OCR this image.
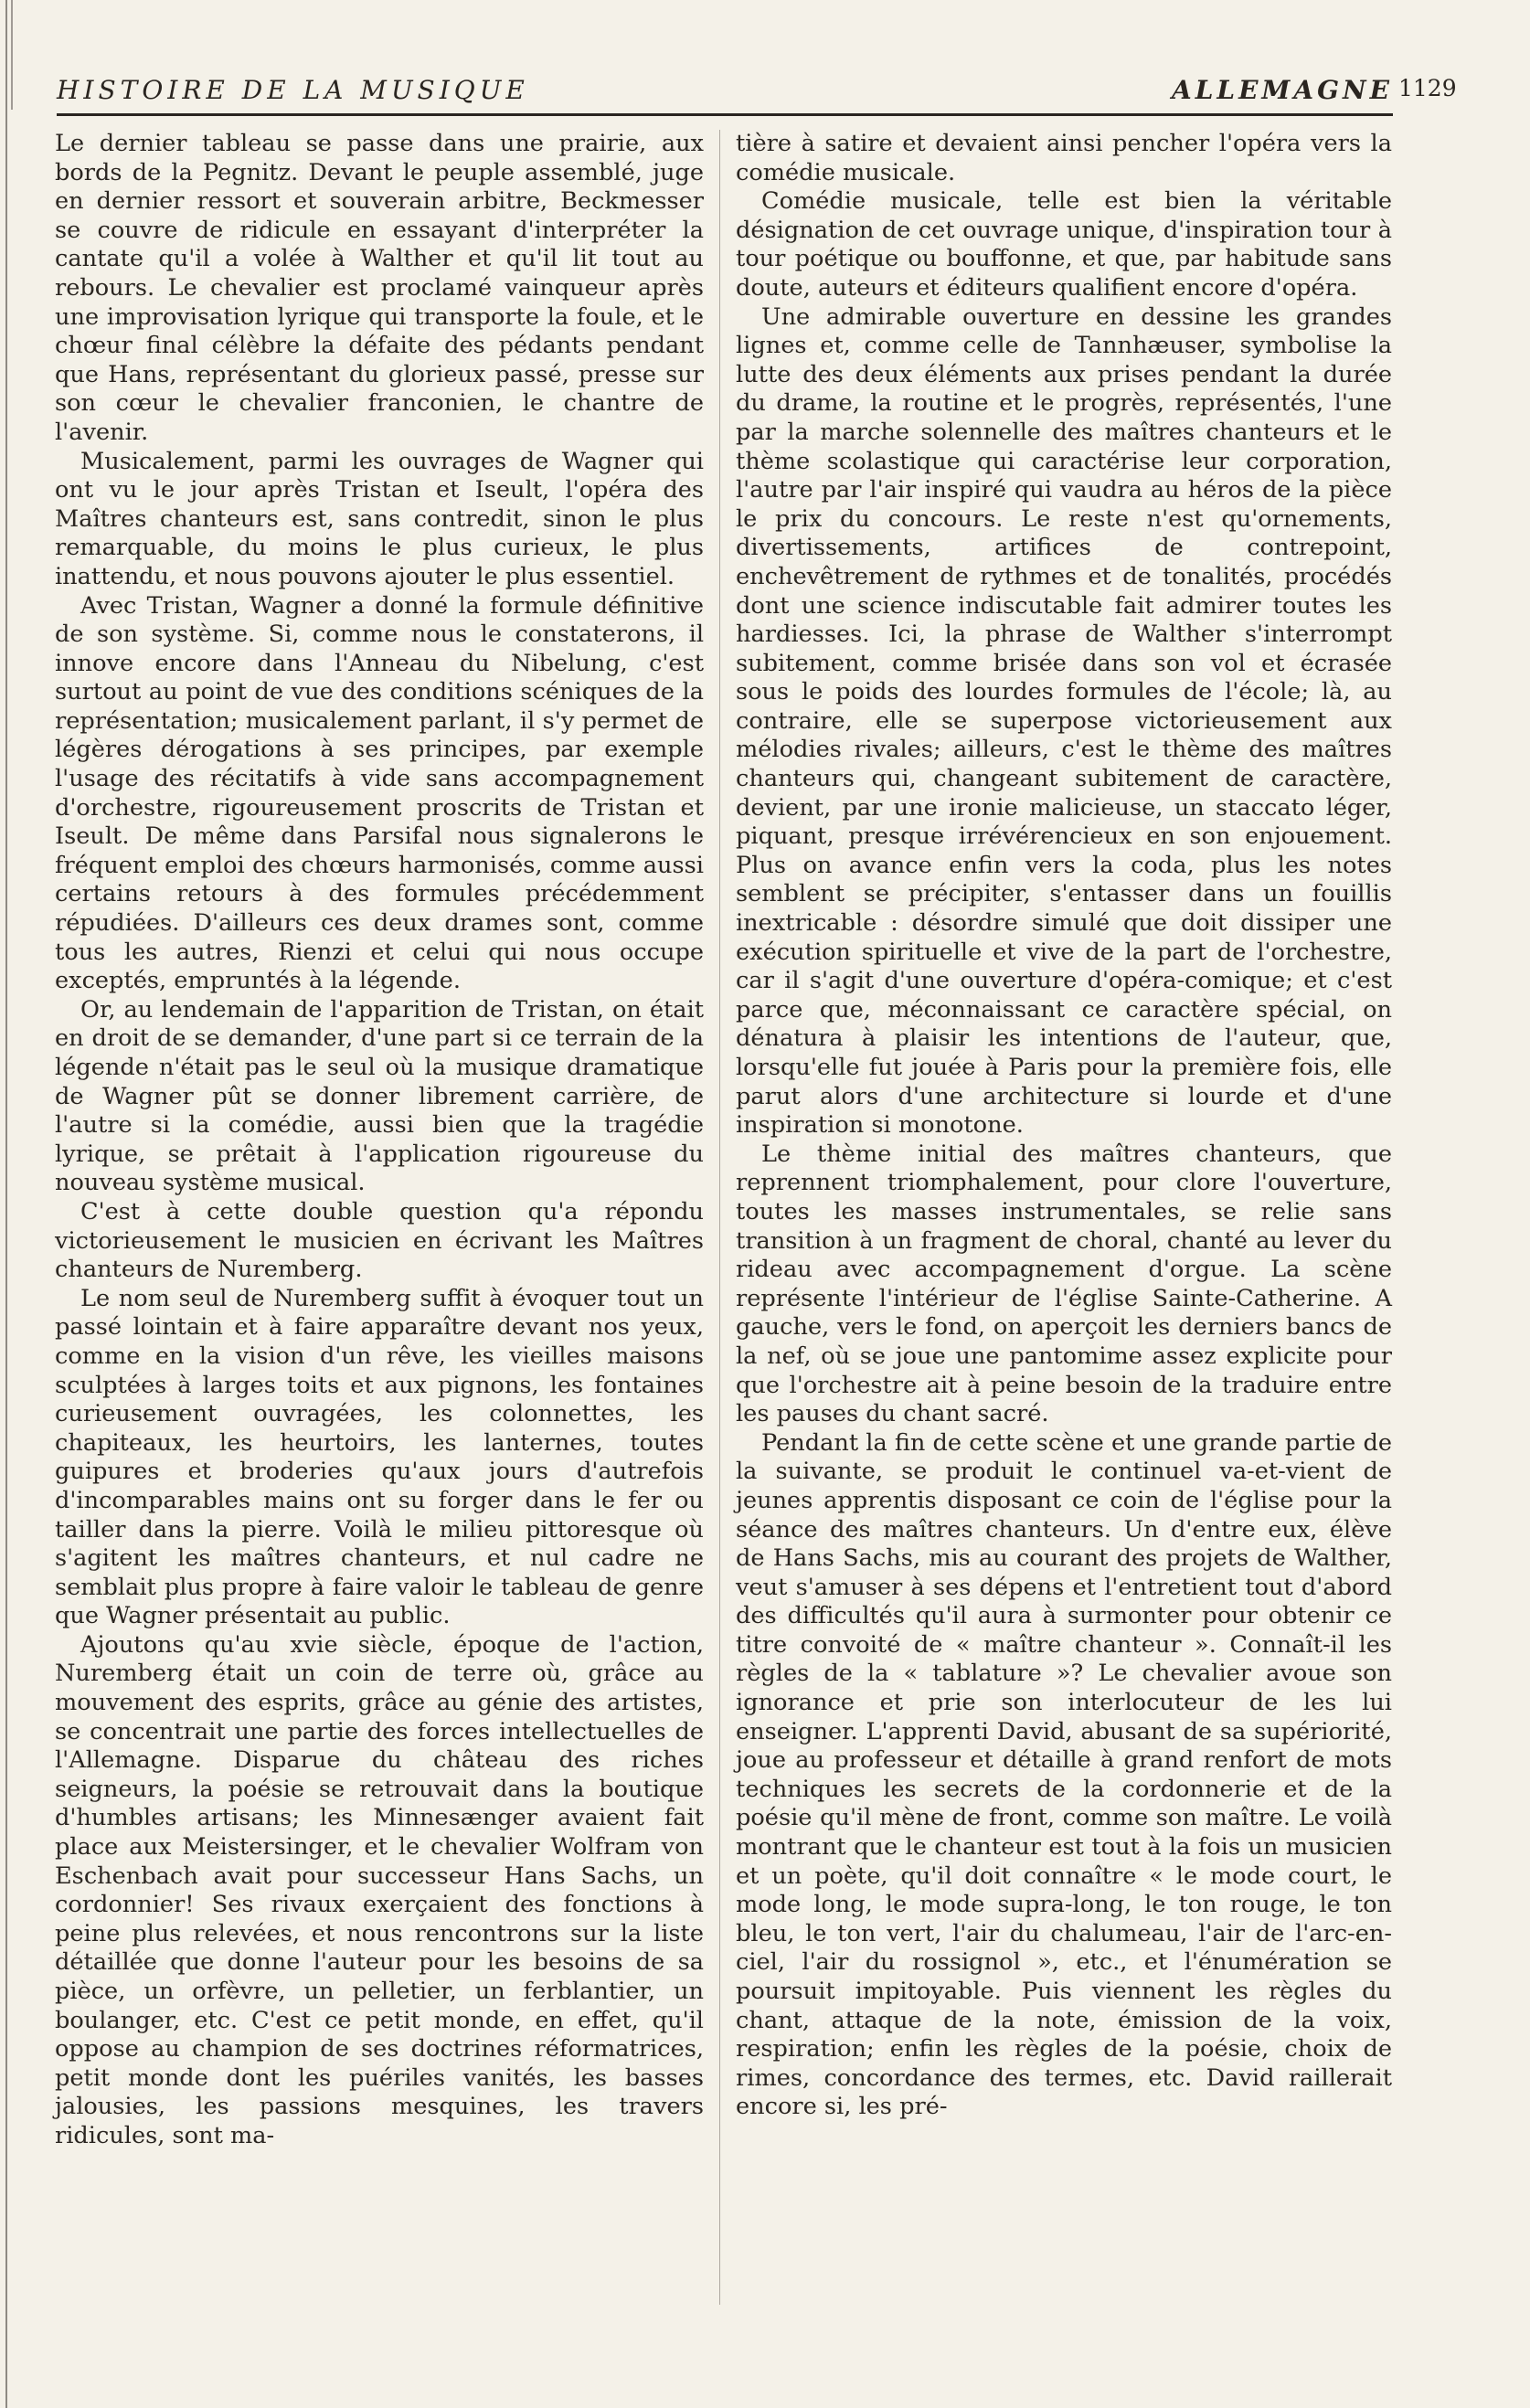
HISTOIRE DE LA MUSIQUE	ALLEMAGNE 1129

Le dernier tableau se passe dans une prairie, aux bords de la Pegnitz. Devant le peuple assemblé, juge en dernier ressort et souverain arbitre, Beckmesser se couvre de ridicule en essayant d'interpréter la cantate qu'il a volée à Walther et qu'il lit tout au rebours. Le chevalier est proclamé vainqueur après une improvisation lyrique qui transporte la foule, et le chœur final célèbre la défaite des pédants pendant que Hans, représentant du glorieux passé, presse sur son cœur le chevalier franconien, le chantre de l'avenir.

Musicalement, parmi les ouvrages de Wagner qui ont vu le jour après Tristan et Iseult, l'opéra des Maîtres chanteurs est, sans contredit, sinon le plus remarquable, du moins le plus curieux, le plus inattendu, et nous pouvons ajouter le plus essentiel.

Avec Tristan, Wagner a donné la formule définitive de son système. Si, comme nous le constaterons, il innove encore dans l'Anneau du Nibelung, c'est surtout au point de vue des conditions scéniques de la représentation; musicalement parlant, il s'y permet de légères dérogations à ses principes, par exemple l'usage des récitatifs à vide sans accompagnement d'orchestre, rigoureusement proscrits de Tristan et Iseult. De même dans Parsifal nous signalerons le fréquent emploi des chœurs harmonisés, comme aussi certains retours à des formules précédemment répudiées. D'ailleurs ces deux drames sont, comme tous les autres, Rienzi et celui qui nous occupe exceptés, empruntés à la légende.

Or, au lendemain de l'apparition de Tristan, on était en droit de se demander, d'une part si ce terrain de la légende n'était pas le seul où la musique dramatique de Wagner pût se donner librement carrière, de l'autre si la comédie, aussi bien que la tragédie lyrique, se prêtait à l'application rigoureuse du nouveau système musical.

C'est à cette double question qu'a répondu victorieusement le musicien en écrivant les Maîtres chanteurs de Nuremberg.

Le nom seul de Nuremberg suffit à évoquer tout un passé lointain et à faire apparaître devant nos yeux, comme en la vision d'un rêve, les vieilles maisons sculptées à larges toits et aux pignons, les fontaines curieusement ouvragées, les colonnettes, les chapiteaux, les heurtoirs, les lanternes, toutes guipures et broderies qu'aux jours d'autrefois d'incomparables mains ont su forger dans le fer ou tailler dans la pierre. Voilà le milieu pittoresque où s'agitent les maîtres chanteurs, et nul cadre ne semblait plus propre à faire valoir le tableau de genre que Wagner présentait au public.

Ajoutons qu'au xvie siècle, époque de l'action, Nuremberg était un coin de terre où, grâce au mouvement des esprits, grâce au génie des artistes, se concentrait une partie des forces intellectuelles de l'Allemagne. Disparue du château des riches seigneurs, la poésie se retrouvait dans la boutique d'humbles artisans; les Minnesænger avaient fait place aux Meistersinger, et le chevalier Wolfram von Eschenbach avait pour successeur Hans Sachs, un cordonnier! Ses rivaux exerçaient des fonctions à peine plus relevées, et nous rencontrons sur la liste détaillée que donne l'auteur pour les besoins de sa pièce, un orfèvre, un pelletier, un ferblantier, un boulanger, etc. C'est ce petit monde, en effet, qu'il oppose au champion de ses doctrines réformatrices, petit monde dont les puériles vanités, les basses jalousies, les passions mesquines, les travers ridicules, sont ma-

tière à satire et devaient ainsi pencher l'opéra vers la comédie musicale.

Comédie musicale, telle est bien la véritable désignation de cet ouvrage unique, d'inspiration tour à tour poétique ou bouffonne, et que, par habitude sans doute, auteurs et éditeurs qualifient encore d'opéra.

Une admirable ouverture en dessine les grandes lignes et, comme celle de Tannhæuser, symbolise la lutte des deux éléments aux prises pendant la durée du drame, la routine et le progrès, représentés, l'une par la marche solennelle des maîtres chanteurs et le thème scolastique qui caractérise leur corporation, l'autre par l'air inspiré qui vaudra au héros de la pièce le prix du concours. Le reste n'est qu'ornements, divertissements, artifices de contrepoint, enchevêtrement de rythmes et de tonalités, procédés dont une science indiscutable fait admirer toutes les hardiesses. Ici, la phrase de Walther s'interrompt subitement, comme brisée dans son vol et écrasée sous le poids des lourdes formules de l'école; là, au contraire, elle se superpose victorieusement aux mélodies rivales; ailleurs, c'est le thème des maîtres chanteurs qui, changeant subitement de caractère, devient, par une ironie malicieuse, un staccato léger, piquant, presque irrévérencieux en son enjouement. Plus on avance enfin vers la coda, plus les notes semblent se précipiter, s'entasser dans un fouillis inextricable : désordre simulé que doit dissiper une exécution spirituelle et vive de la part de l'orchestre, car il s'agit d'une ouverture d'opéra-comique; et c'est parce que, méconnaissant ce caractère spécial, on dénatura à plaisir les intentions de l'auteur, que, lorsqu'elle fut jouée à Paris pour la première fois, elle parut alors d'une architecture si lourde et d'une inspiration si monotone.

Le thème initial des maîtres chanteurs, que reprennent triomphalement, pour clore l'ouverture, toutes les masses instrumentales, se relie sans transition à un fragment de choral, chanté au lever du rideau avec accompagnement d'orgue. La scène représente l'intérieur de l'église Sainte-Catherine. A gauche, vers le fond, on aperçoit les derniers bancs de la nef, où se joue une pantomime assez explicite pour que l'orchestre ait à peine besoin de la traduire entre les pauses du chant sacré.

Pendant la fin de cette scène et une grande partie de la suivante, se produit le continuel va-et-vient de jeunes apprentis disposant ce coin de l'église pour la séance des maîtres chanteurs. Un d'entre eux, élève de Hans Sachs, mis au courant des projets de Walther, veut s'amuser à ses dépens et l'entretient tout d'abord des difficultés qu'il aura à surmonter pour obtenir ce titre convoité de « maître chanteur ». Connaît-il les règles de la « tablature »? Le chevalier avoue son ignorance et prie son interlocuteur de les lui enseigner. L'apprenti David, abusant de sa supériorité, joue au professeur et détaille à grand renfort de mots techniques les secrets de la cordonnerie et de la poésie qu'il mène de front, comme son maître. Le voilà montrant que le chanteur est tout à la fois un musicien et un poète, qu'il doit connaître « le mode court, le mode long, le mode supra-long, le ton rouge, le ton bleu, le ton vert, l'air du chalumeau, l'air de l'arc-en-ciel, l'air du rossignol », etc., et l'énumération se poursuit impitoyable. Puis viennent les règles du chant, attaque de la note, émission de la voix, respiration; enfin les règles de la poésie, choix de rimes, concordance des termes, etc. David raillerait encore si, les pré-
